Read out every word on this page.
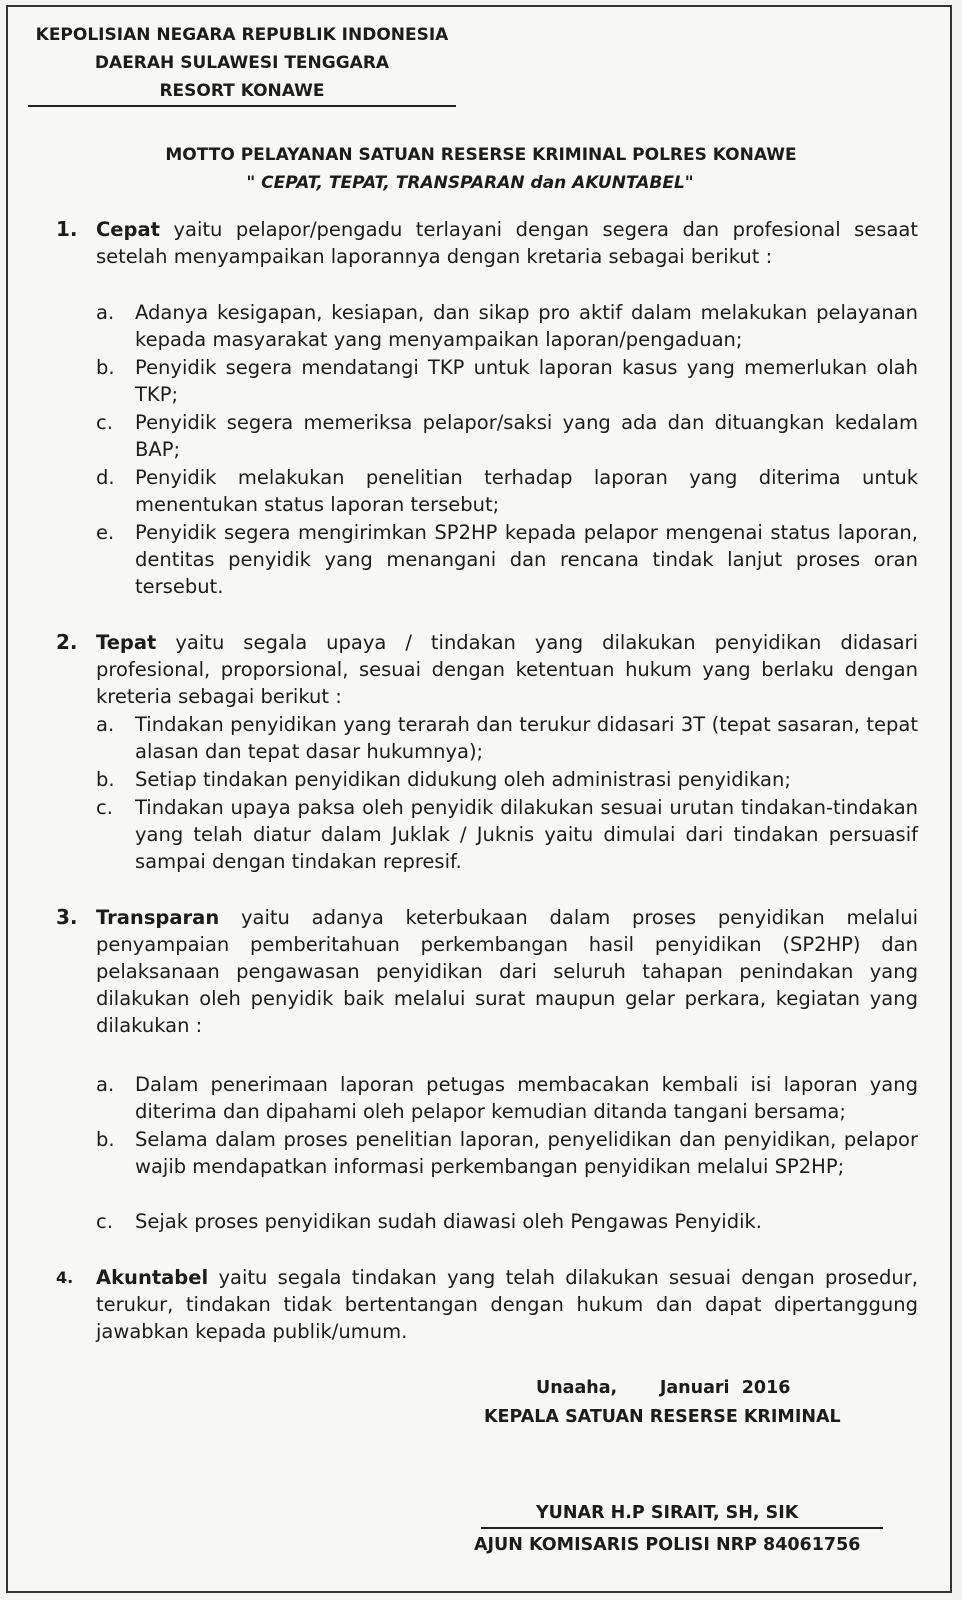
KEPOLISIAN NEGARA REPUBLIK INDONESIA
DAERAH SULAWESI TENGGARA
RESORT KONAWE
MOTTO PELAYANAN SATUAN RESERSE KRIMINAL POLRES KONAWE
" CEPAT, TEPAT, TRANSPARAN dan AKUNTABEL"
1. Cepat yaitu pelapor/pengadu terlayani dengan segera dan profesional sesaat setelah menyampaikan laporannya dengan kretaria sebagai berikut :
a. Adanya kesigapan, kesiapan, dan sikap pro aktif dalam melakukan pelayanan kepada masyarakat yang menyampaikan laporan/pengaduan;
b. Penyidik segera mendatangi TKP untuk laporan kasus yang memerlukan olah TKP;
c. Penyidik segera memeriksa pelapor/saksi yang ada dan dituangkan kedalam BAP;
d. Penyidik melakukan penelitian terhadap laporan yang diterima untuk menentukan status laporan tersebut;
e. Penyidik segera mengirimkan SP2HP kepada pelapor mengenai status laporan, dentitas penyidik yang menangani dan rencana tindak lanjut proses oran tersebut.
2. Tepat yaitu segala upaya / tindakan yang dilakukan penyidikan didasari profesional, proporsional, sesuai dengan ketentuan hukum yang berlaku dengan kreteria sebagai berikut :
a. Tindakan penyidikan yang terarah dan terukur didasari 3T (tepat sasaran, tepat alasan dan tepat dasar hukumnya);
b. Setiap tindakan penyidikan didukung oleh administrasi penyidikan;
c. Tindakan upaya paksa oleh penyidik dilakukan sesuai urutan tindakan-tindakan yang telah diatur dalam Juklak / Juknis yaitu dimulai dari tindakan persuasif sampai dengan tindakan represif.
3. Transparan yaitu adanya keterbukaan dalam proses penyidikan melalui penyampaian pemberitahuan perkembangan hasil penyidikan (SP2HP) dan pelaksanaan pengawasan penyidikan dari seluruh tahapan penindakan yang dilakukan oleh penyidik baik melalui surat maupun gelar perkara, kegiatan yang dilakukan :
a. Dalam penerimaan laporan petugas membacakan kembali isi laporan yang diterima dan dipahami oleh pelapor kemudian ditanda tangani bersama;
b. Selama dalam proses penelitian laporan, penyelidikan dan penyidikan, pelapor wajib mendapatkan informasi perkembangan penyidikan melalui SP2HP;
c. Sejak proses penyidikan sudah diawasi oleh Pengawas Penyidik.
4. Akuntabel yaitu segala tindakan yang telah dilakukan sesuai dengan prosedur, terukur, tindakan tidak bertentangan dengan hukum dan dapat dipertanggung jawabkan kepada publik/umum.
Unaaha,       Januari  2016
KEPALA SATUAN RESERSE KRIMINAL
YUNAR H.P SIRAIT, SH, SIK
AJUN KOMISARIS POLISI NRP 84061756
